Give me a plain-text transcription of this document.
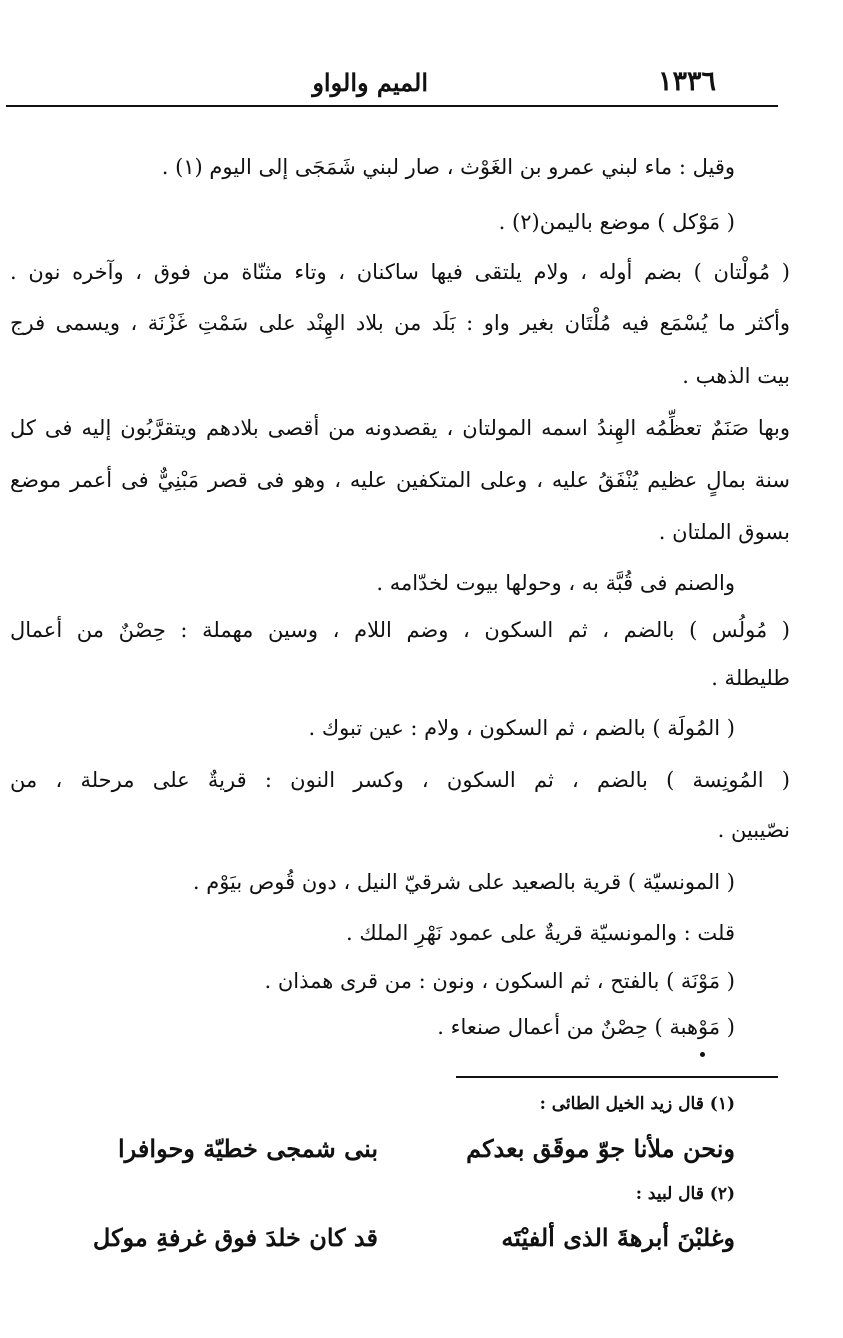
١٣٣٦
الميم والواو
وقيل : ماء لبني عمرو بن الغَوْث ، صار لبني شَمَجَى إلى اليوم (١) .
( مَوْكل ) موضع باليمن(٢) .
( مُولْتان ) بضم أوله ، ولام يلتقى فيها ساكنان ، وتاء مثنّاة من فوق ، وآخره نون .
وأكثر ما يُسْمَع فيه مُلْتَان بغير واو : بَلَد من بلاد الهِنْد على سَمْتِ غَزْنَة ، ويسمى فرج
بيت الذهب .
وبها صَنَمٌ تعظِّمُه الهِندُ اسمه المولتان ، يقصدونه من أقصى بلادهم ويتقرَّبُون إليه فى كل
سنة بمالٍ عظيم يُنْفَقُ عليه ، وعلى المتكفين عليه ، وهو فى قصر مَبْنِيٌّ فى أعمر موضع
بسوق الملتان .
والصنم فى قُبَّة به ، وحولها بيوت لخدّامه .
( مُولُس ) بالضم ، ثم السكون ، وضم اللام ، وسين مهملة : حِصْنٌ من أعمال
طليطلة .
( المُولَة ) بالضم ، ثم السكون ، ولام : عين تبوك .
( المُونِسة ) بالضم ، ثم السكون ، وكسر النون : قريةٌ على مرحلة ، من
نصّيبين .
( المونسيّة ) قرية بالصعيد على شرقيّ النيل ، دون قُوص بيَوْم .
قلت : والمونسيّة قريةٌ على عمود نَهْرِ الملك .
( مَوْنَة ) بالفتح ، ثم السكون ، ونون : من قرى همذان .
( مَوْهبة ) حِصْنٌ من أعمال صنعاء .
(١) قال زيد الخيل الطائى :
ونحن ملأنا جوّ موقَق بعدكم
بنى شمجى خطيّة وحوافرا
(٢) قال لبيد :
وغلبْنَ أبرهةَ الذى ألفيْتَه
قد كان خلدَ فوق غرفةِ موكل
